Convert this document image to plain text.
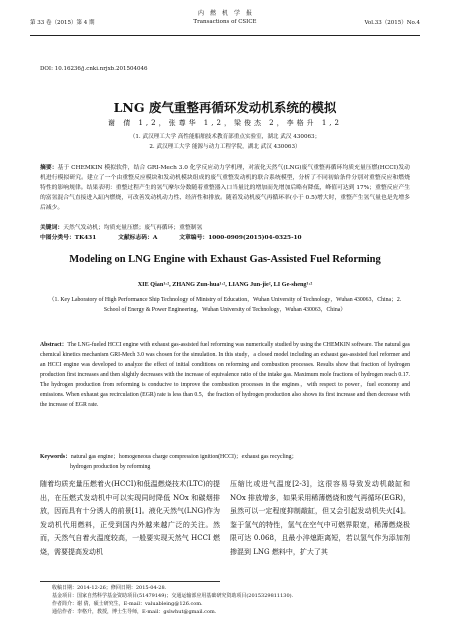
第 33 卷（2015）第 4 期
内　燃　机　学　报
Transactions of CSICE	Vol.33（2015）No.4
DOI: 10.16236/j.cnki.nrjxb.201504046
LNG 废气重整再循环发动机系统的模拟
谢 倩 1,2，张尊华 1,2，梁俊杰 2，李格升 1,2
（1. 武汉理工大学 高性能船舶技术教育部重点实验室，湖北 武汉 430063；
2. 武汉理工大学 能源与动力工程学院，湖北 武汉 430063）
摘要：基于 CHEMKIN 模拟软件，结合 GRI-Mech 3.0 化学反应动力学机理，对液化天然气(LNG)废气重整再循环均质充量压燃(HCCI)发动机进行模拟研究。建立了一个由重整反应模块和发动机模块组成的废气重整发动机的联合系统模型，分析了不同初始条件分别对重整反应和燃烧特性的影响规律。结果表明：重整过程产生的氢气摩尔分数随着重整器入口当量比的增加而先增加后略有降低，峰值可达到 17%；重整反应产生的富氢混合气直接进入缸内燃烧，可改善发动机动力性、经济性和排放。随着发动机废气再循环率(小于 0.5)增大时，重整产生氢气量也是先增多后减少。
关键词：天然气发动机；均质充量压燃；废气再循环；重整制氢
中图分类号：TK431	文献标志码：A	文章编号：1000-0909(2015)04-0325-10
Modeling on LNG Engine with Exhaust Gas-Assisted Fuel Reforming
XIE Qian¹·², ZHANG Zun-hua¹·², LIANG Jun-jie², LI Ge-sheng¹·²
（1. Key Laboratory of High Performance Ship Technology of Ministry of Education，Wuhan University of Technology，Wuhan 430063，China；2. School of Energy & Power Engineering，Wuhan University of Technology，Wuhan 430063，China）
Abstract：The LNG-fueled HCCI engine with exhaust gas-assisted fuel reforming was numerically studied by using the CHEMKIN software. The natural gas chemical kinetics mechanism GRI-Mech 3.0 was chosen for the simulation. In this study，a closed model including an exhaust gas-assisted fuel reformer and an HCCI engine was developed to analyze the effect of initial conditions on reforming and combustion processes. Results show that fraction of hydrogen production first increases and then slightly decreases with the increase of equivalence ratio of the intake gas. Maximum mole fractions of hydrogen reach 0.17. The hydrogen production from reforming is conducive to improve the combustion processes in the engines，with respect to power，fuel economy and emissions. When exhaust gas recirculation (EGR) rate is less than 0.5，the fraction of hydrogen production also shows its first increase and then decrease with the increase of EGR rate.
Keywords：natural gas engine；homogeneous charge compression ignition(HCCI)；exhaust gas recycling；
hydrogen production by reforming
随着均质充量压燃着火(HCCI)和低温燃烧技术(LTC)的提出，在压燃式发动机中可以实现同时降低 NOx 和碳烟排放，因而具有十分诱人的前景[1]。液化天然气(LNG)作为发动机代用燃料，正受到国内外越来越广泛的关注。然而，天然气自着火温度较高，一般要实现天然气 HCCI 燃烧，需要提高发动机
压缩比或进气温度[2-3]，这很容易导致发动机敲缸和 NOx 排放增多，如果采用稀薄燃烧和废气再循环(EGR)，虽然可以一定程度抑制敲缸，但又会引起发动机失火[4]。鉴于氢气的特性，氢气在空气中可燃界限宽，稀薄燃烧极限可达 0.068，且最小淬熄距离短，若以氢气作为添加剂掺混到 LNG 燃料中，扩大了其
收稿日期：2014-12-26；修回日期：2015-04-28.
基金项目：国家自然科学基金资助项目(51479149)；交通运输部应用基础研究资助项目(2015329811130).
作者简介：谢 倩，硕士研究生，E-mail：valuableing@126.com.
通信作者：李格升，教授，博士生导师，E-mail：gslwhut@gmail.com.
